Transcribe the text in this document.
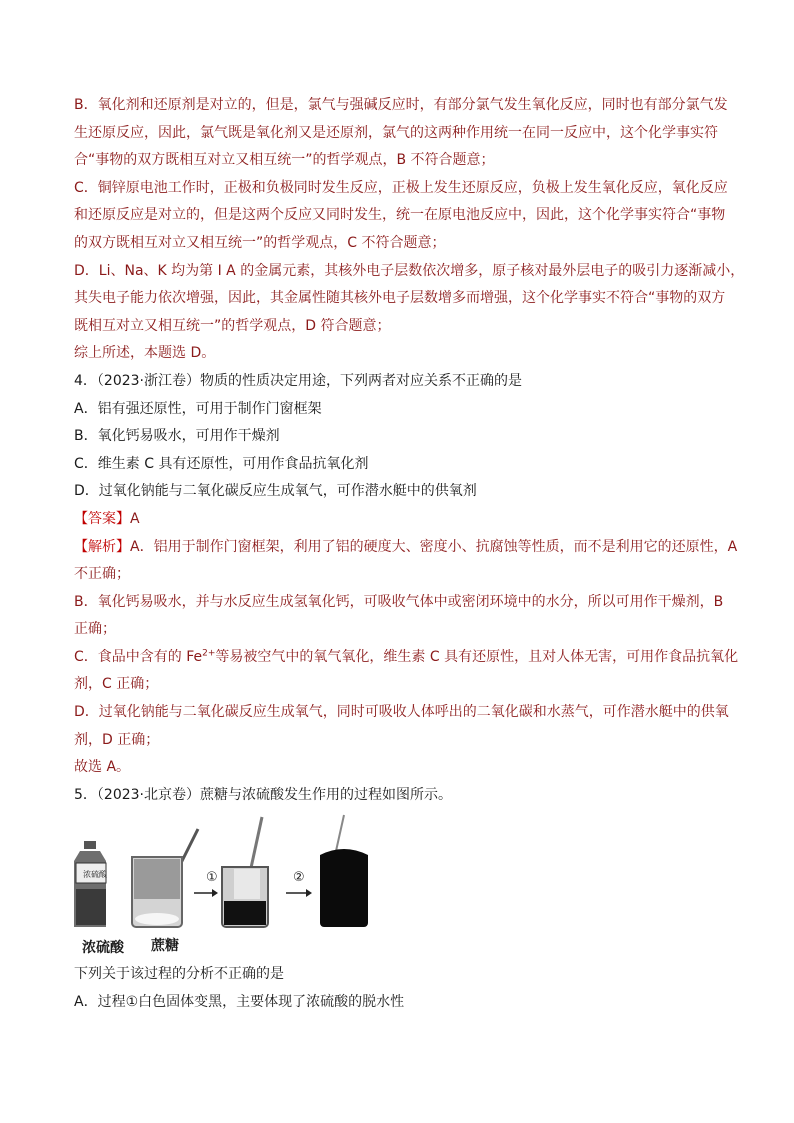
B．氧化剂和还原剂是对立的，但是，氯气与强碱反应时，有部分氯气发生氧化反应，同时也有部分氯气发
生还原反应，因此，氯气既是氧化剂又是还原剂，氯气的这两种作用统一在同一反应中，这个化学事实符
合“事物的双方既相互对立又相互统一”的哲学观点，B 不符合题意；
C．铜锌原电池工作时，正极和负极同时发生反应，正极上发生还原反应，负极上发生氧化反应，氧化反应
和还原反应是对立的，但是这两个反应又同时发生，统一在原电池反应中，因此，这个化学事实符合“事物
的双方既相互对立又相互统一”的哲学观点，C 不符合题意；
D．Li、Na、K 均为第 I A 的金属元素，其核外电子层数依次增多，原子核对最外层电子的吸引力逐渐减小，
其失电子能力依次增强，因此，其金属性随其核外电子层数增多而增强，这个化学事实不符合“事物的双方
既相互对立又相互统一”的哲学观点，D 符合题意；
综上所述，本题选 D。
4．（2023·浙江卷）物质的性质决定用途，下列两者对应关系不正确的是
A．铝有强还原性，可用于制作门窗框架
B．氧化钙易吸水，可用作干燥剂
C．维生素 C 具有还原性，可用作食品抗氧化剂
D．过氧化钠能与二氧化碳反应生成氧气，可作潜水艇中的供氧剂
【答案】A
【解析】A．铝用于制作门窗框架，利用了铝的硬度大、密度小、抗腐蚀等性质，而不是利用它的还原性，A
不正确；
B．氧化钙易吸水，并与水反应生成氢氧化钙，可吸收气体中或密闭环境中的水分，所以可用作干燥剂，B
正确；
C．食品中含有的 $Fe^{2+}$等易被空气中的氧气氧化，维生素 C 具有还原性，且对人体无害，可用作食品抗氧化
剂，C 正确；
D．过氧化钠能与二氧化碳反应生成氧气，同时可吸收人体呼出的二氧化碳和水蒸气，可作潜水艇中的供氧
剂，D 正确；
故选 A。
5．（2023·北京卷）蔗糖与浓硫酸发生作用的过程如图所示。
浓硫酸	①	②
浓硫酸 蔗糖
下列关于该过程的分析不正确的是
A．过程①白色固体变黑，主要体现了浓硫酸的脱水性
